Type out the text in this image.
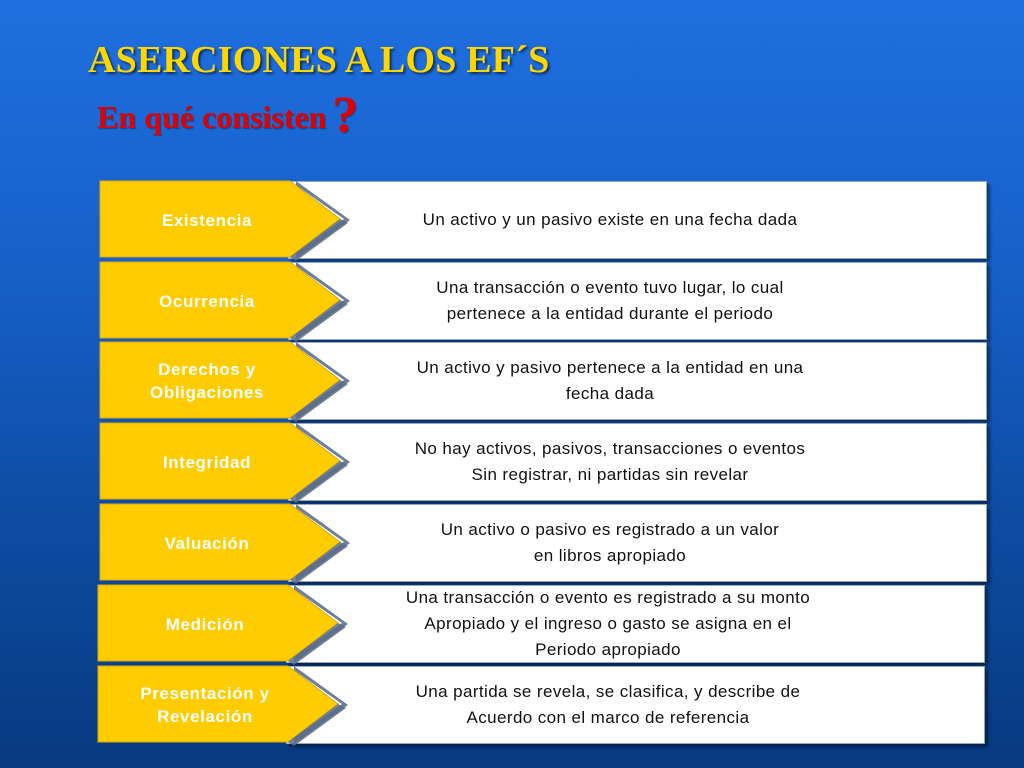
ASERCIONES A LOS EF´S
En qué consisten ?
Existencia	Un activo y un pasivo existe en una fecha dada
Ocurrencia
Una transacción o evento tuvo lugar, lo cual
pertenece a la entidad durante el periodo
Derechos y
Obligaciones
Un activo y pasivo pertenece a la entidad en una
fecha dada
Integridad
No hay activos, pasivos, transacciones o eventos
Sin registrar, ni partidas sin revelar
Valuación
Un activo o pasivo es registrado a un valor
en libros apropiado
Medición
Una transacción o evento es registrado a su monto
Apropiado y el ingreso o gasto se asigna en el
Periodo apropiado
Presentación y
Revelación
Una partida se revela, se clasifica, y describe de
Acuerdo con el marco de referencia
